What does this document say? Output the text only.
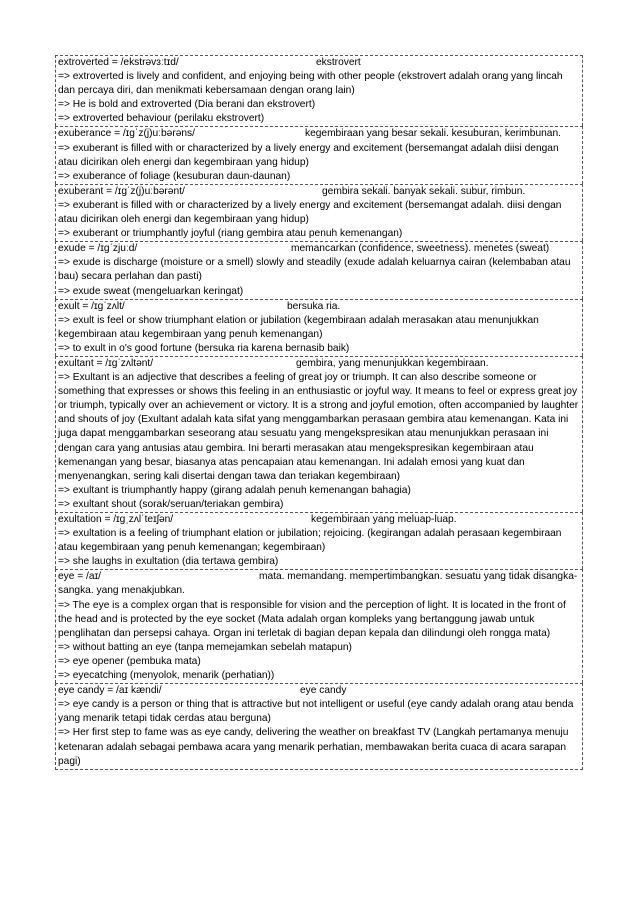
extroverted = /ekstrəvɜːtɪd/	ekstrovert
=> extroverted is lively and confident, and enjoying being with other people (ekstrovert adalah orang yang lincah dan percaya diri, dan menikmati kebersamaan dengan orang lain)
=> He is bold and extroverted (Dia berani dan ekstrovert)
=> extroverted behaviour (perilaku ekstrovert)
exuberance = /ɪɡˈz(j)uːbərəns/	kegembiraan yang besar sekali. kesuburan, kerimbunan.
=> exuberant is filled with or characterized by a lively energy and excitement (bersemangat adalah diisi dengan atau dicirikan oleh energi dan kegembiraan yang hidup)
=> exuberance of foliage (kesuburan daun-daunan)
exuberant = /ɪɡˈz(j)uːbərənt/	gembira sekali. banyak sekali. subur, rimbun.
=> exuberant is filled with or characterized by a lively energy and excitement (bersemangat adalah. diisi dengan atau dicirikan oleh energi dan kegembiraan yang hidup)
=> exuberant or triumphantly joyful (riang gembira atau penuh kemenangan)
exude = /ɪɡˈzjuːd/	memancarkan (confidence, sweetness). menetes (sweat)
=> exude is discharge (moisture or a smell) slowly and steadily (exude adalah keluarnya cairan (kelembaban atau bau) secara perlahan dan pasti)
=> exude sweat (mengeluarkan keringat)
exult = /ɪɡˈzʌlt/	bersuka ria.
=> exult is feel or show triumphant elation or jubilation (kegembiraan adalah merasakan atau menunjukkan kegembiraan atau kegembiraan yang penuh kemenangan)
=> to exult in o's good fortune (bersuka ria karena bernasib baik)
exultant = /ɪɡˈzʌltənt/	gembira, yang menunjukkan kegembiraan.
=> Exultant is an adjective that describes a feeling of great joy or triumph. It can also describe someone or something that expresses or shows this feeling in an enthusiastic or joyful way. It means to feel or express great joy or triumph, typically over an achievement or victory. It is a strong and joyful emotion, often accompanied by laughter and shouts of joy (Exultant adalah kata sifat yang menggambarkan perasaan gembira atau kemenangan. Kata ini juga dapat menggambarkan seseorang atau sesuatu yang mengekspresikan atau menunjukkan perasaan ini dengan cara yang antusias atau gembira. Ini berarti merasakan atau mengekspresikan kegembiraan atau kemenangan yang besar, biasanya atas pencapaian atau kemenangan. Ini adalah emosi yang kuat dan menyenangkan, sering kali disertai dengan tawa dan teriakan kegembiraan)
=> exultant is triumphantly happy (girang adalah penuh kemenangan bahagia)
=> exultant shout (sorak/seruan/teriakan gembira)
exultation = /ɪɡˌzʌlˈteɪʃən/	kegembiraan yang meluap-luap.
=> exultation is a feeling of triumphant elation or jubilation; rejoicing. (kegirangan adalah perasaan kegembiraan atau kegembiraan yang penuh kemenangan; kegembiraan)
=> she laughs in exultation (dia tertawa gembira)
eye = /aɪ/	mata. memandang. mempertimbangkan. sesuatu yang tidak disangka-sangka. yang menakjubkan.
=> The eye is a complex organ that is responsible for vision and the perception of light. It is located in the front of the head and is protected by the eye socket (Mata adalah organ kompleks yang bertanggung jawab untuk penglihatan dan persepsi cahaya. Organ ini terletak di bagian depan kepala dan dilindungi oleh rongga mata)
=> without batting an eye (tanpa memejamkan sebelah matapun)
=> eye opener (pembuka mata)
=> eyecatching (menyolok, menarik (perhatian))
eye candy = /aɪ kændi/	eye candy
=> eye candy is a person or thing that is attractive but not intelligent or useful (eye candy adalah orang atau benda yang menarik tetapi tidak cerdas atau berguna)
=> Her first step to fame was as eye candy, delivering the weather on breakfast TV (Langkah pertamanya menuju ketenaran adalah sebagai pembawa acara yang menarik perhatian, membawakan berita cuaca di acara sarapan pagi)
